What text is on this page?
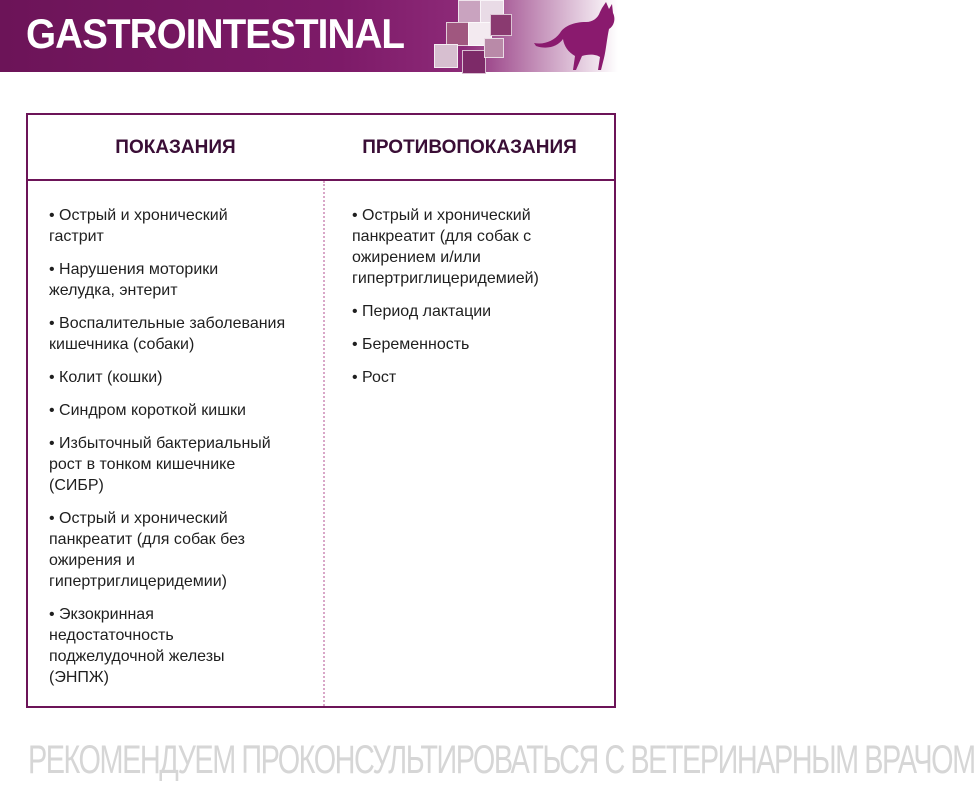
GASTROINTESTINAL
ПОКАЗАНИЯ	ПРОТИВОПОКАЗАНИЯ
• Острый и хронический
гастрит
• Нарушения моторики
желудка, энтерит
• Воспалительные заболевания
кишечника (собаки)
• Колит (кошки)
• Синдром короткой кишки
• Избыточный бактериальный
рост в тонком кишечнике
(СИБР)
• Острый и хронический
панкреатит (для собак без
ожирения и
гипертриглицеридемии)
• Экзокринная
недостаточность
поджелудочной железы
(ЭНПЖ)
• Острый и хронический
панкреатит (для собак с
ожирением и/или
гипертриглицеридемией)
• Период лактации
• Беременность
• Рост
РЕКОМЕНДУЕМ ПРОКОНСУЛЬТИРОВАТЬСЯ С ВЕТЕРИНАРНЫМ ВРАЧОМ
